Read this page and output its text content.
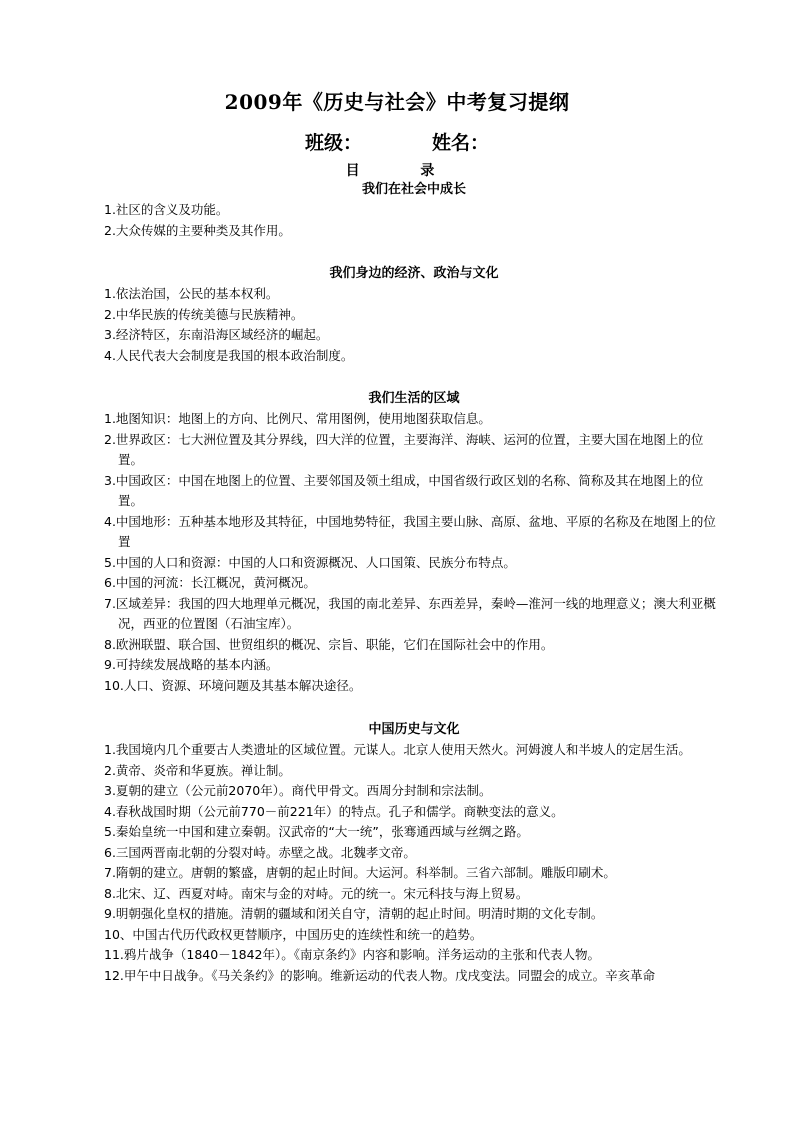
2009年《历史与社会》中考复习提纲
班级：	姓名：
目 录
我们在社会中成长
1.社区的含义及功能。
2.大众传媒的主要种类及其作用。
我们身边的经济、政治与文化
1.依法治国，公民的基本权利。
2.中华民族的传统美德与民族精神。
3.经济特区，东南沿海区域经济的崛起。
4.人民代表大会制度是我国的根本政治制度。
我们生活的区域
1.地图知识：地图上的方向、比例尺、常用图例，使用地图获取信息。
2.世界政区：七大洲位置及其分界线，四大洋的位置，主要海洋、海峡、运河的位置，主要大国在地图上的位置。
3.中国政区：中国在地图上的位置、主要邻国及领土组成，中国省级行政区划的名称、简称及其在地图上的位置。
4.中国地形：五种基本地形及其特征，中国地势特征，我国主要山脉、高原、盆地、平原的名称及在地图上的位置
5.中国的人口和资源：中国的人口和资源概况、人口国策、民族分布特点。
6.中国的河流：长江概况，黄河概况。
7.区域差异：我国的四大地理单元概况，我国的南北差异、东西差异，秦岭—淮河一线的地理意义；澳大利亚概况，西亚的位置图（石油宝库）。
8.欧洲联盟、联合国、世贸组织的概况、宗旨、职能，它们在国际社会中的作用。
9.可持续发展战略的基本内涵。
10.人口、资源、环境问题及其基本解决途径。
中国历史与文化
1.我国境内几个重要古人类遗址的区域位置。元谋人。北京人使用天然火。河姆渡人和半坡人的定居生活。
2.黄帝、炎帝和华夏族。禅让制。
3.夏朝的建立（公元前2070年）。商代甲骨文。西周分封制和宗法制。
4.春秋战国时期（公元前770－前221年）的特点。孔子和儒学。商鞅变法的意义。
5.秦始皇统一中国和建立秦朝。汉武帝的“大一统”，张骞通西域与丝绸之路。
6.三国两晋南北朝的分裂对峙。赤壁之战。北魏孝文帝。
7.隋朝的建立。唐朝的繁盛，唐朝的起止时间。大运河。科举制。三省六部制。雕版印刷术。
8.北宋、辽、西夏对峙。南宋与金的对峙。元的统一。宋元科技与海上贸易。
9.明朝强化皇权的措施。清朝的疆域和闭关自守，清朝的起止时间。明清时期的文化专制。
10、中国古代历代政权更替顺序，中国历史的连续性和统一的趋势。
11.鸦片战争（1840－1842年）。《南京条约》内容和影响。洋务运动的主张和代表人物。
12.甲午中日战争。《马关条约》的影响。维新运动的代表人物。戊戌变法。同盟会的成立。辛亥革命
